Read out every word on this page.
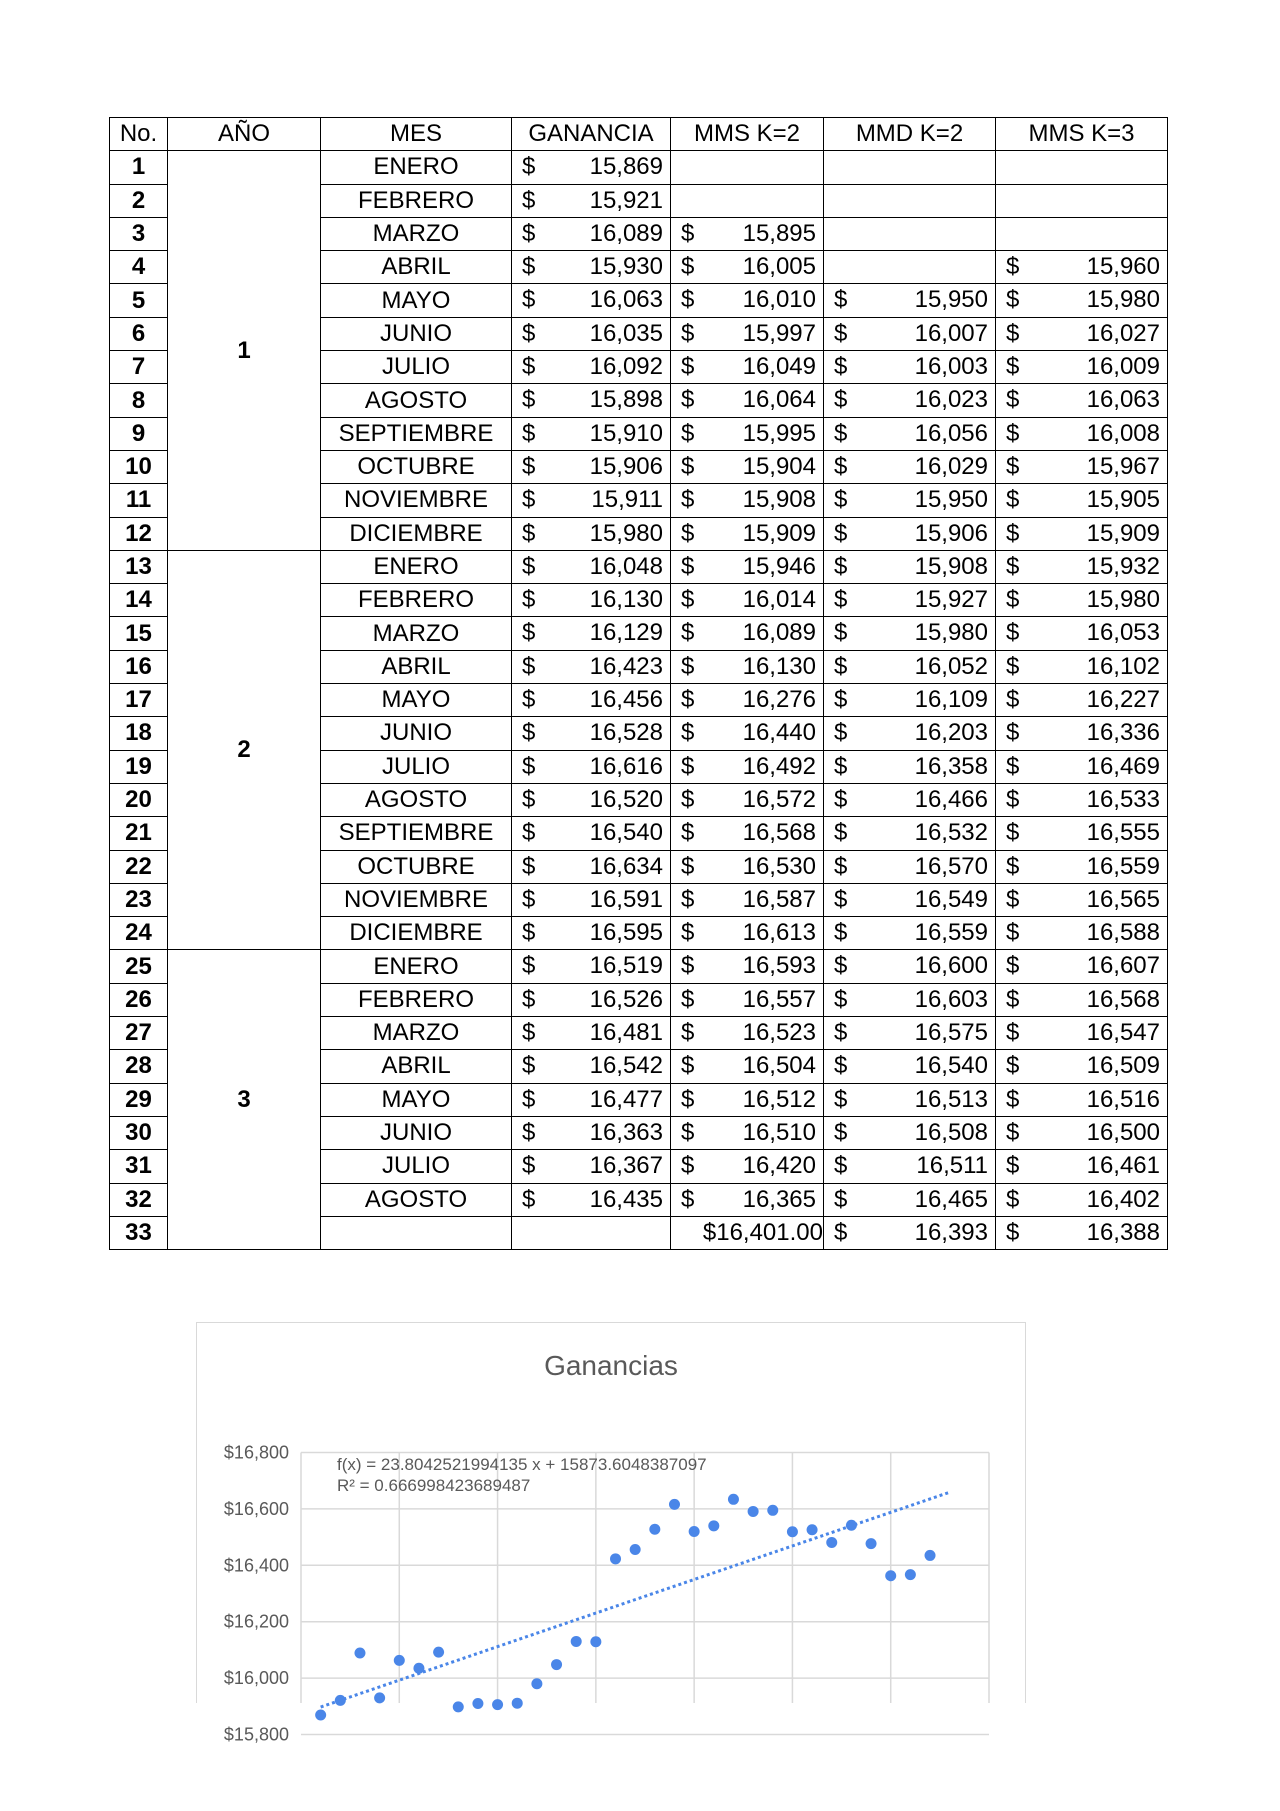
No.	AÑO	MES	GANANCIA	MMS K=2	MMD K=2	MMS K=3
1	1	ENERO	$ 15,869			

2		FEBRERO	$ 15,921			

3		MARZO	$ 16,089	$ 15,895		

4		ABRIL	$ 15,930	$ 16,005		$ 15,960

5		MAYO	$ 16,063	$ 16,010	$ 15,950	$ 15,980

6		JUNIO	$ 16,035	$ 15,997	$ 16,007	$ 16,027

7		JULIO	$ 16,092	$ 16,049	$ 16,003	$ 16,009

8		AGOSTO	$ 15,898	$ 16,064	$ 16,023	$ 16,063

9		SEPTIEMBRE	$ 15,910	$ 15,995	$ 16,056	$ 16,008

10		OCTUBRE	$ 15,906	$ 15,904	$ 16,029	$ 15,967

11		NOVIEMBRE	$ 15,911	$ 15,908	$ 15,950	$ 15,905

12		DICIEMBRE	$ 15,980	$ 15,909	$ 15,906	$ 15,909

13	2	ENERO	$ 16,048	$ 15,946	$ 15,908	$ 15,932

14		FEBRERO	$ 16,130	$ 16,014	$ 15,927	$ 15,980

15		MARZO	$ 16,129	$ 16,089	$ 15,980	$ 16,053

16		ABRIL	$ 16,423	$ 16,130	$ 16,052	$ 16,102

17		MAYO	$ 16,456	$ 16,276	$ 16,109	$ 16,227

18		JUNIO	$ 16,528	$ 16,440	$ 16,203	$ 16,336

19		JULIO	$ 16,616	$ 16,492	$ 16,358	$ 16,469

20		AGOSTO	$ 16,520	$ 16,572	$ 16,466	$ 16,533

21		SEPTIEMBRE	$ 16,540	$ 16,568	$ 16,532	$ 16,555

22		OCTUBRE	$ 16,634	$ 16,530	$ 16,570	$ 16,559

23		NOVIEMBRE	$ 16,591	$ 16,587	$ 16,549	$ 16,565

24		DICIEMBRE	$ 16,595	$ 16,613	$ 16,559	$ 16,588

25	3	ENERO	$ 16,519	$ 16,593	$ 16,600	$ 16,607

26		FEBRERO	$ 16,526	$ 16,557	$ 16,603	$ 16,568

27		MARZO	$ 16,481	$ 16,523	$ 16,575	$ 16,547

28		ABRIL	$ 16,542	$ 16,504	$ 16,540	$ 16,509

29		MAYO	$ 16,477	$ 16,512	$ 16,513	$ 16,516

30		JUNIO	$ 16,363	$ 16,510	$ 16,508	$ 16,500

31		JULIO	$ 16,367	$ 16,420	$ 16,511	$ 16,461

32		AGOSTO	$ 16,435	$ 16,365	$ 16,465	$ 16,402

33				$16,401.00	$ 16,393	$ 16,388
Ganancias
$15,800
$16,000
$16,200
$16,400
$16,600
$16,800
f(x) = 23.8042521994135 x + 15873.6048387097
R² = 0.666998423689487
